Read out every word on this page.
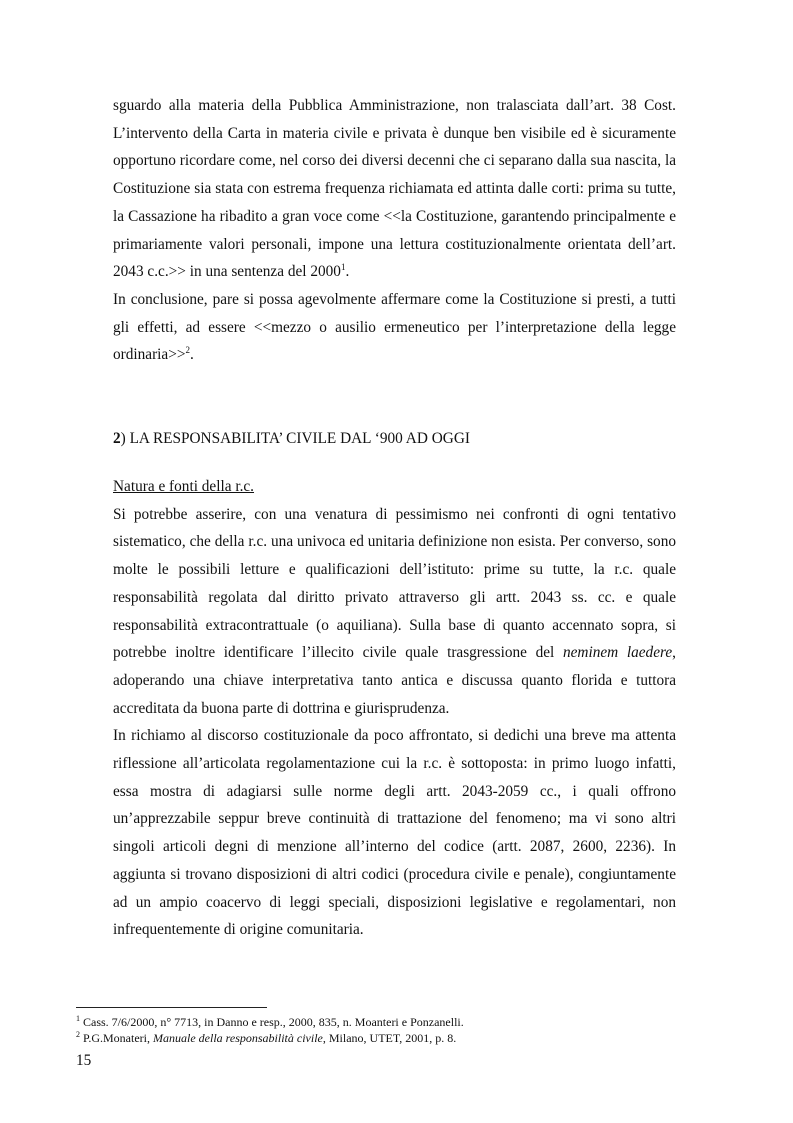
sguardo alla materia della Pubblica Amministrazione, non tralasciata dall’art. 38 Cost. L’intervento della Carta in materia civile e privata è dunque ben visibile ed è sicuramente opportuno ricordare come, nel corso dei diversi decenni che ci separano dalla sua nascita, la Costituzione sia stata con estrema frequenza richiamata ed attinta dalle corti: prima su tutte, la Cassazione ha ribadito a gran voce come <<la Costituzione, garantendo principalmente e primariamente valori personali, impone una lettura costituzionalmente orientata dell’art. 2043 c.c.>> in una sentenza del 2000$^1$.

In conclusione, pare si possa agevolmente affermare come la Costituzione si presti, a tutti gli effetti, ad essere <<mezzo o ausilio ermeneutico per l’interpretazione della legge ordinaria>>$^2$.

2) LA RESPONSABILITA’ CIVILE DAL ‘900 AD OGGI

Natura e fonti della r.c.

Si potrebbe asserire, con una venatura di pessimismo nei confronti di ogni tentativo sistematico, che della r.c. una univoca ed unitaria definizione non esista. Per converso, sono molte le possibili letture e qualificazioni dell’istituto: prime su tutte, la r.c. quale responsabilità regolata dal diritto privato attraverso gli artt. 2043 ss. cc. e quale responsabilità extracontrattuale (o aquiliana). Sulla base di quanto accennato sopra, si potrebbe inoltre identificare l’illecito civile quale trasgressione del neminem laedere, adoperando una chiave interpretativa tanto antica e discussa quanto florida e tuttora accreditata da buona parte di dottrina e giurisprudenza.

In richiamo al discorso costituzionale da poco affrontato, si dedichi una breve ma attenta riflessione all’articolata regolamentazione cui la r.c. è sottoposta: in primo luogo infatti, essa mostra di adagiarsi sulle norme degli artt. 2043-2059 cc., i quali offrono un’apprezzabile seppur breve continuità di trattazione del fenomeno; ma vi sono altri singoli articoli degni di menzione all’interno del codice (artt. 2087, 2600, 2236). In aggiunta si trovano disposizioni di altri codici (procedura civile e penale), congiuntamente ad un ampio coacervo di leggi speciali, disposizioni legislative e regolamentari, non infrequentemente di origine comunitaria.

$^1$ Cass. 7/6/2000, n° 7713, in Danno e resp., 2000, 835, n. Moanteri e Ponzanelli.

$^2$ P.G.Monateri, Manuale della responsabilità civile, Milano, UTET, 2001, p. 8.

15
